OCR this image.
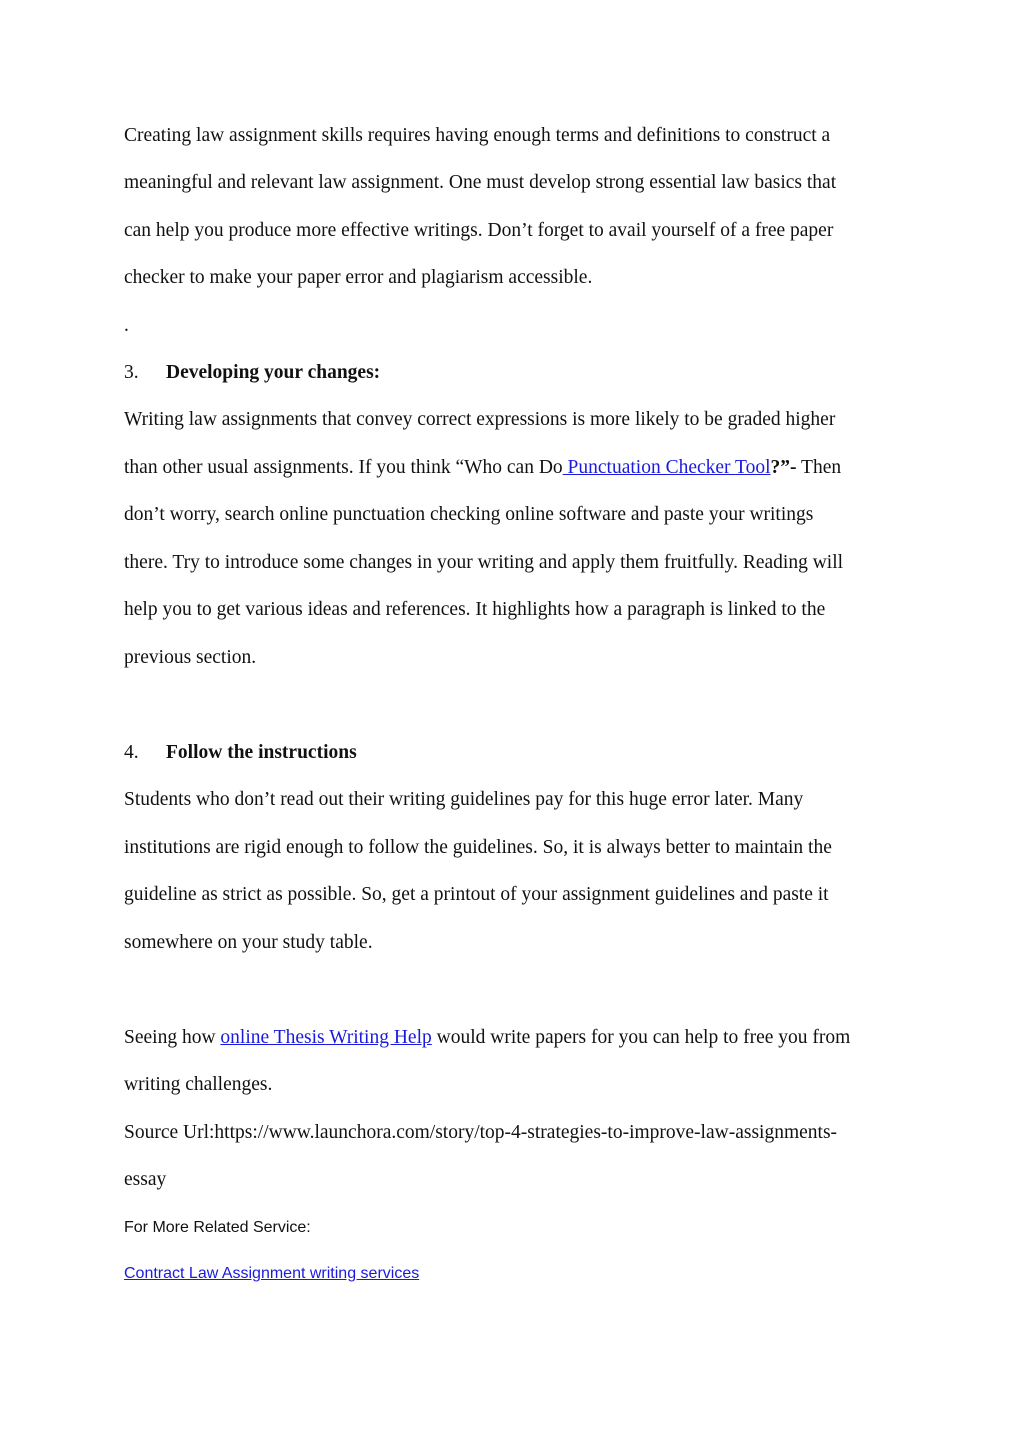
Creating law assignment skills requires having enough terms and definitions to construct a
meaningful and relevant law assignment. One must develop strong essential law basics that
can help you produce more effective writings. Don’t forget to avail yourself of a free paper
checker to make your paper error and plagiarism accessible.
.
3. Developing your changes:
Writing law assignments that convey correct expressions is more likely to be graded higher
than other usual assignments. If you think “Who can Do Punctuation Checker Tool?”- Then
don’t worry, search online punctuation checking online software and paste your writings
there. Try to introduce some changes in your writing and apply them fruitfully. Reading will
help you to get various ideas and references. It highlights how a paragraph is linked to the
previous section.
4. Follow the instructions
Students who don’t read out their writing guidelines pay for this huge error later. Many
institutions are rigid enough to follow the guidelines. So, it is always better to maintain the
guideline as strict as possible. So, get a printout of your assignment guidelines and paste it
somewhere on your study table.
Seeing how online Thesis Writing Help would write papers for you can help to free you from
writing challenges.
Source Url:https://www.launchora.com/story/top-4-strategies-to-improve-law-assignments-
essay
For More Related Service:
Contract Law Assignment writing services
